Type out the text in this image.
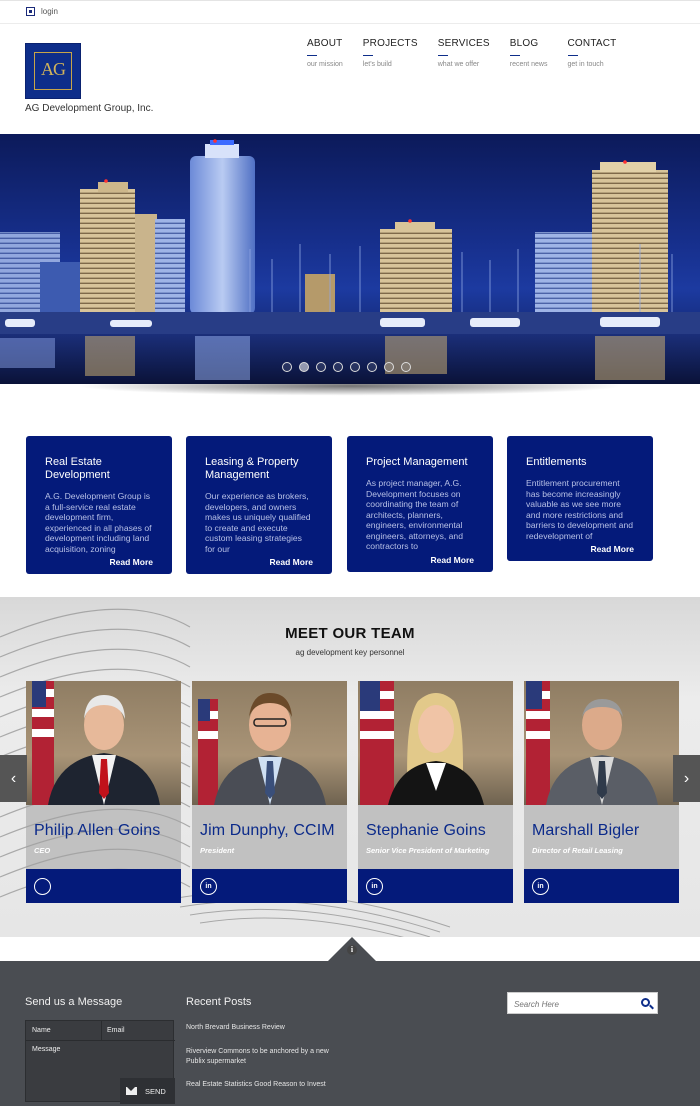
login
AG
AG Development Group, Inc.
ABOUT
our mission
PROJECTS
let's build
SERVICES
what we offer
BLOG
recent news
CONTACT
get in touch
Real Estate Development
A.G. Development Group is a full-service real estate development firm, experienced in all phases of development including land acquisition, zoning
Read More
Leasing & Property Management
Our experience as brokers, developers, and owners makes us uniquely qualified to create and execute custom leasing strategies for our
Read More
Project Management
As project manager, A.G. Development focuses on coordinating the team of architects, planners, engineers, environmental engineers, attorneys, and contractors to
Read More
Entitlements
Entitlement procurement has become increasingly valuable as we see more and more restrictions and barriers to development and redevelopment of
Read More
MEET OUR TEAM
ag development key personnel
Philip Allen Goins
CEO
Jim Dunphy, CCIM
President
in
Stephanie Goins
Senior Vice President of Marketing
in
Marshall Bigler
Director of Retail Leasing
in
‹	›
i
Send us a Message
Name	Email
Message
SEND
Recent Posts
North Brevard Business Review
Riverview Commons to be anchored by a new Publix supermarket
Real Estate Statistics Good Reason to Invest
Search Here
